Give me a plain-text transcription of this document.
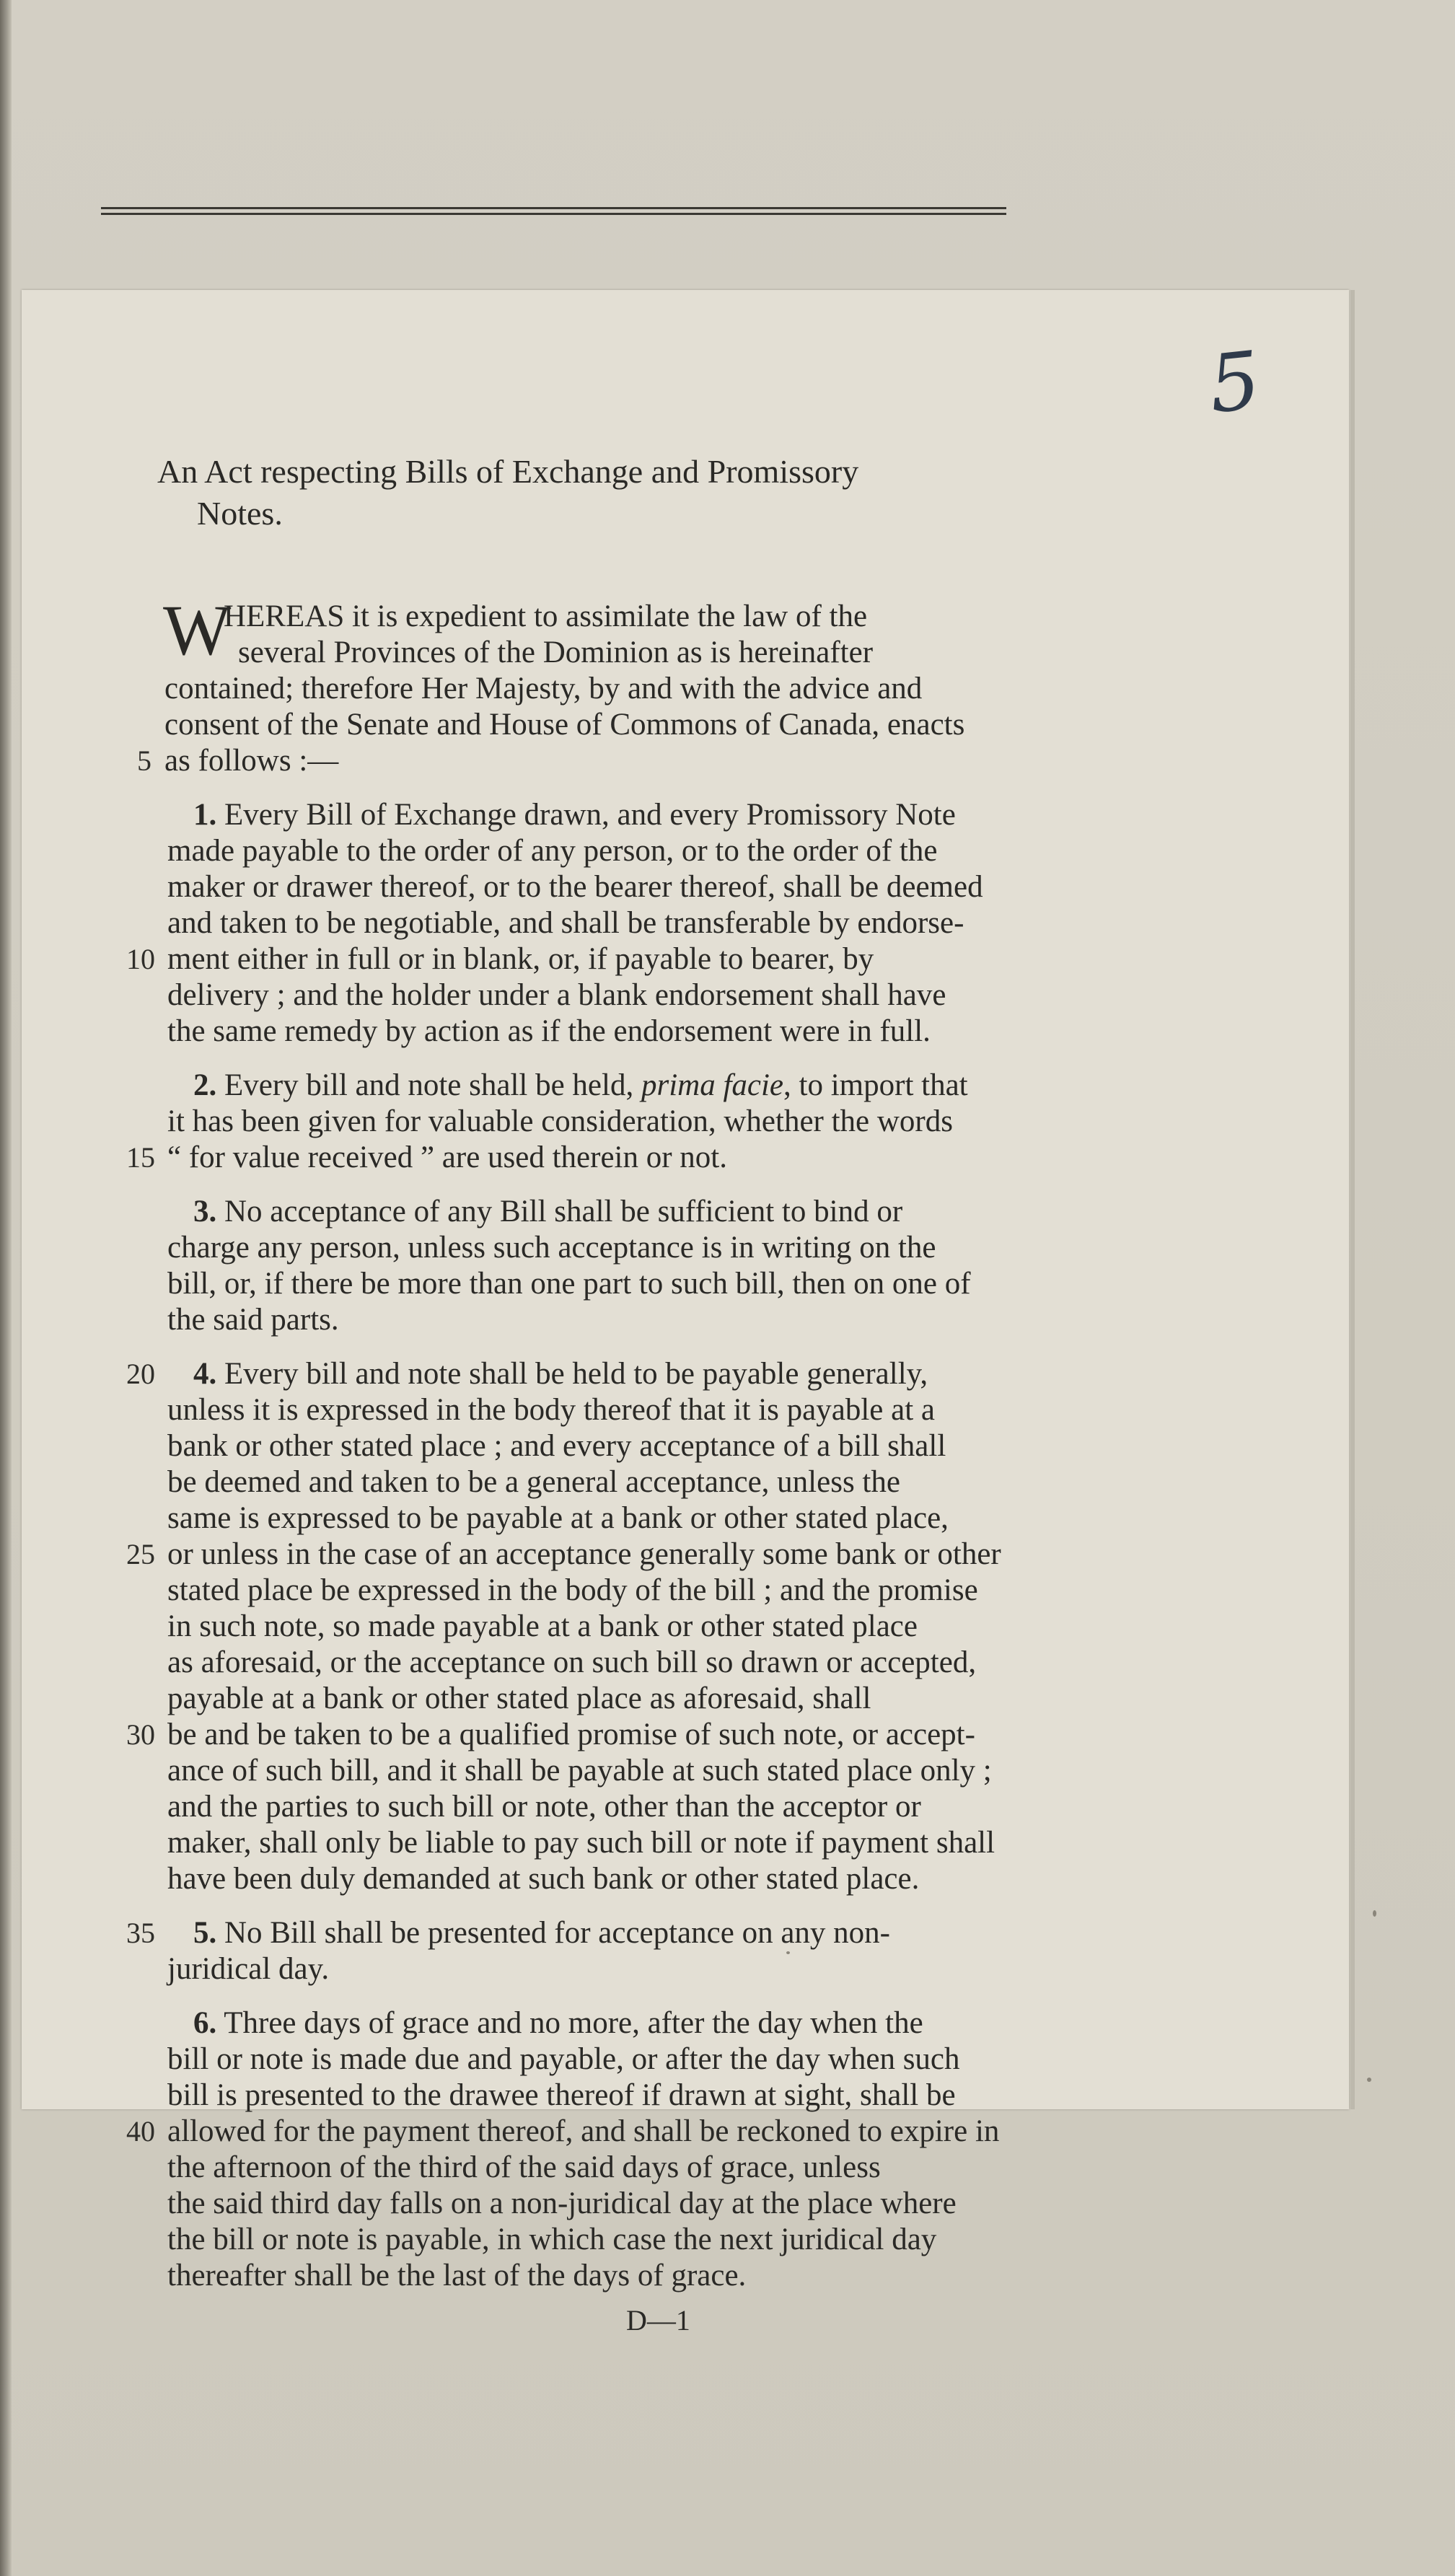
5
An Act respecting Bills of Exchange and Promissory
Notes.
W
HEREAS it is expedient to assimilate the law of the
several Provinces of the Dominion as is hereinafter
contained; therefore Her Majesty, by and with the advice and
consent of the Senate and House of Commons of Canada, enacts
5 as follows :—
1. Every Bill of Exchange drawn, and every Promissory Note
made payable to the order of any person, or to the order of the
maker or drawer thereof, or to the bearer thereof, shall be deemed
and taken to be negotiable, and shall be transferable by endorse-
10 ment either in full or in blank, or, if payable to bearer, by
delivery ; and the holder under a blank endorsement shall have
the same remedy by action as if the endorsement were in full.
2. Every bill and note shall be held, prima facie, to import that
it has been given for valuable consideration, whether the words
15 “ for value received ” are used therein or not.
3. No acceptance of any Bill shall be sufficient to bind or
charge any person, unless such acceptance is in writing on the
bill, or, if there be more than one part to such bill, then on one of
the said parts.
20 4. Every bill and note shall be held to be payable generally,
unless it is expressed in the body thereof that it is payable at a
bank or other stated place ; and every acceptance of a bill shall
be deemed and taken to be a general acceptance, unless the
same is expressed to be payable at a bank or other stated place,
25 or unless in the case of an acceptance generally some bank or other
stated place be expressed in the body of the bill ; and the promise
in such note, so made payable at a bank or other stated place
as aforesaid, or the acceptance on such bill so drawn or accepted,
payable at a bank or other stated place as aforesaid, shall
30 be and be taken to be a qualified promise of such note, or accept-
ance of such bill, and it shall be payable at such stated place only ;
and the parties to such bill or note, other than the acceptor or
maker, shall only be liable to pay such bill or note if payment shall
have been duly demanded at such bank or other stated place.
35 5. No Bill shall be presented for acceptance on any non-
juridical day.
6. Three days of grace and no more, after the day when the
bill or note is made due and payable, or after the day when such
bill is presented to the drawee thereof if drawn at sight, shall be
40 allowed for the payment thereof, and shall be reckoned to expire in
the afternoon of the third of the said days of grace, unless
the said third day falls on a non-juridical day at the place where
the bill or note is payable, in which case the next juridical day
thereafter shall be the last of the days of grace.
D—1
